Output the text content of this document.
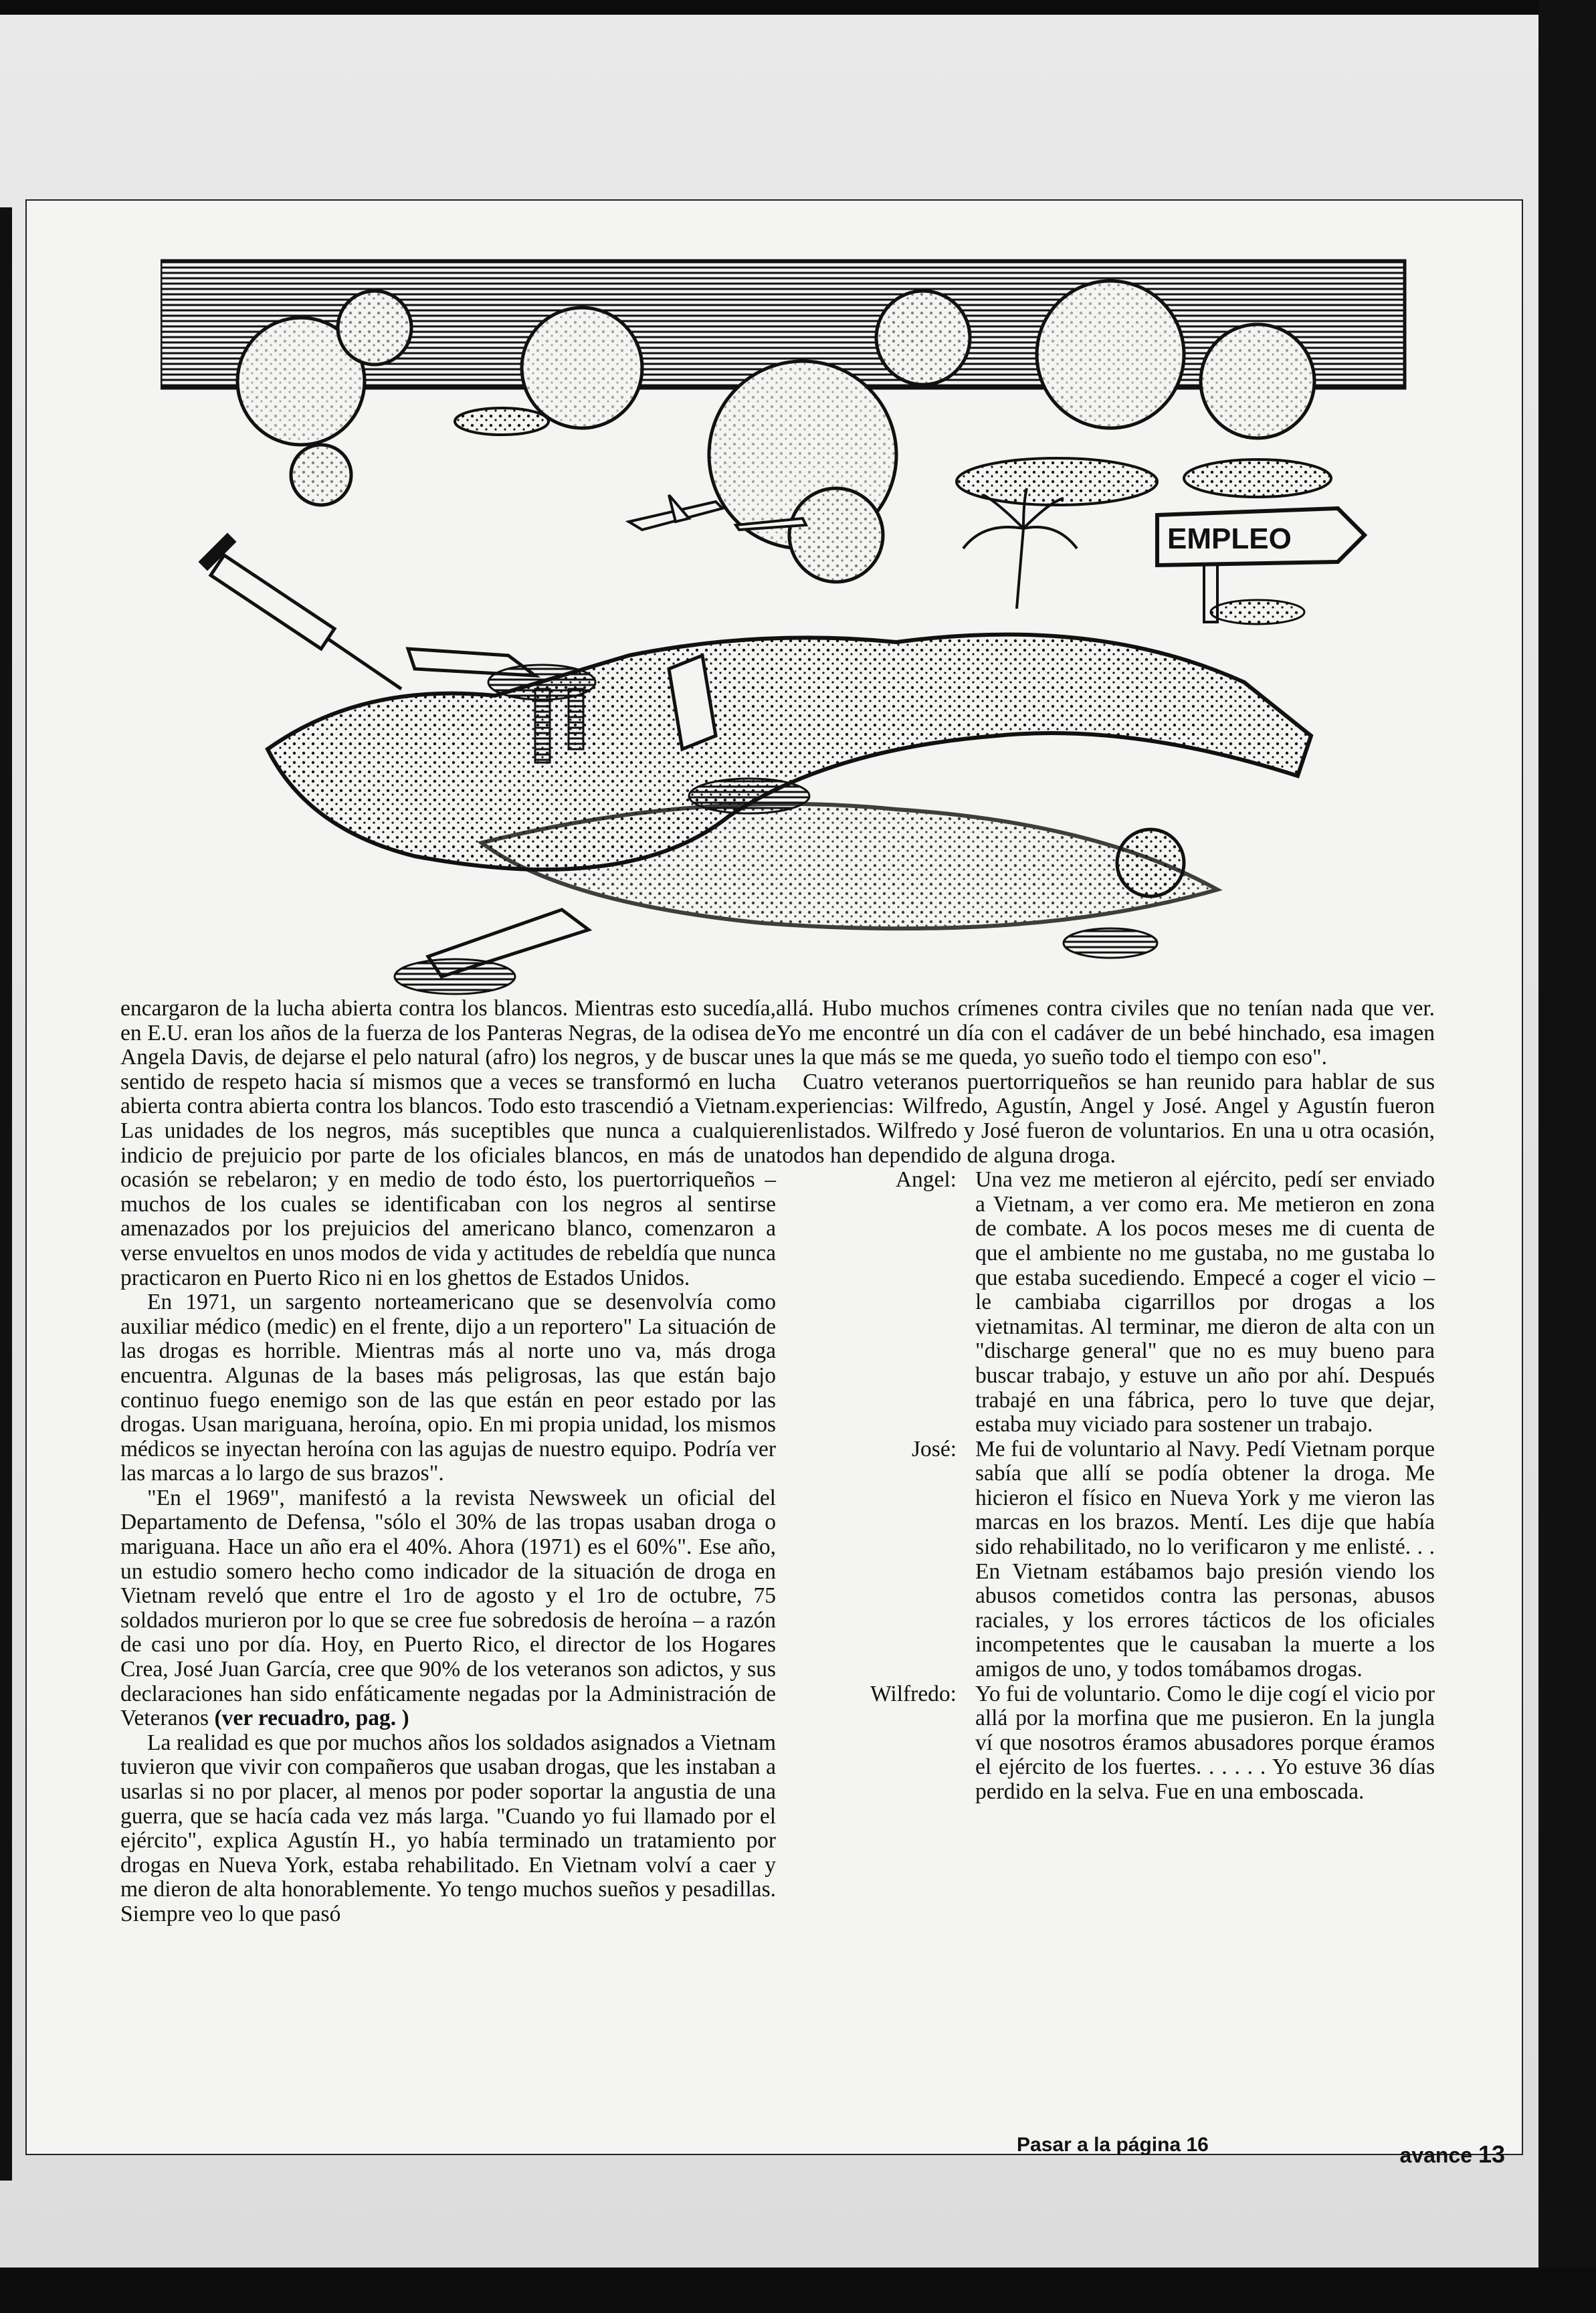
EMPLEO

encargaron de la lucha abierta contra los blancos. Mientras esto sucedía, en E.U. eran los años de la fuerza de los Panteras Negras, de la odisea de Angela Davis, de dejarse el pelo natural (afro) los negros, y de buscar un sentido de respeto hacia sí mismos que a veces se transformó en lucha abierta contra abierta contra los blancos. Todo esto trascendió a Vietnam. Las unidades de los negros, más suceptibles que nunca a cualquier indicio de prejuicio por parte de los oficiales blancos, en más de una ocasión se rebelaron; y en medio de todo ésto, los puertorriqueños – muchos de los cuales se identificaban con los negros al sentirse amenazados por los prejuicios del americano blanco, comenzaron a verse envueltos en unos modos de vida y actitudes de rebeldía que nunca practicaron en Puerto Rico ni en los ghettos de Estados Unidos.

En 1971, un sargento norteamericano que se desenvolvía como auxiliar médico (medic) en el frente, dijo a un reportero" La situación de las drogas es horrible. Mientras más al norte uno va, más droga encuentra. Algunas de la bases más peligrosas, las que están bajo continuo fuego enemigo son de las que están en peor estado por las drogas. Usan mariguana, heroína, opio. En mi propia unidad, los mismos médicos se inyectan heroína con las agujas de nuestro equipo. Podría ver las marcas a lo largo de sus brazos".

"En el 1969", manifestó a la revista Newsweek un oficial del Departamento de Defensa, "sólo el 30% de las tropas usaban droga o mariguana. Hace un año era el 40%. Ahora (1971) es el 60%". Ese año, un estudio somero hecho como indicador de la situación de droga en Vietnam reveló que entre el 1ro de agosto y el 1ro de octubre, 75 soldados murieron por lo que se cree fue sobredosis de heroína – a razón de casi uno por día. Hoy, en Puerto Rico, el director de los Hogares Crea, José Juan García, cree que 90% de los veteranos son adictos, y sus declaraciones han sido enfáticamente negadas por la Administración de Veteranos (ver recuadro, pag. )

La realidad es que por muchos años los soldados asignados a Vietnam tuvieron que vivir con compañeros que usaban drogas, que les instaban a usarlas si no por placer, al menos por poder soportar la angustia de una guerra, que se hacía cada vez más larga. "Cuando yo fui llamado por el ejército", explica Agustín H., yo había terminado un tratamiento por drogas en Nueva York, estaba rehabilitado. En Vietnam volví a caer y me dieron de alta honorablemente. Yo tengo muchos sueños y pesadillas. Siempre veo lo que pasó

allá. Hubo muchos crímenes contra civiles que no tenían nada que ver. Yo me encontré un día con el cadáver de un bebé hinchado, esa imagen es la que más se me queda, yo sueño todo el tiempo con eso".

Cuatro veteranos puertorriqueños se han reunido para hablar de sus experiencias: Wilfredo, Agustín, Angel y José. Angel y Agustín fueron enlistados. Wilfredo y José fueron de voluntarios. En una u otra ocasión, todos han dependido de alguna droga.

Angel: Una vez me metieron al ejército, pedí ser enviado a Vietnam, a ver como era. Me metieron en zona de combate. A los pocos meses me di cuenta de que el ambiente no me gustaba, no me gustaba lo que estaba sucediendo. Empecé a coger el vicio – le cambiaba cigarrillos por drogas a los vietnamitas. Al terminar, me dieron de alta con un "discharge general" que no es muy bueno para buscar trabajo, y estuve un año por ahí. Después trabajé en una fábrica, pero lo tuve que dejar, estaba muy viciado para sostener un trabajo.
José: Me fui de voluntario al Navy. Pedí Vietnam porque sabía que allí se podía obtener la droga. Me hicieron el físico en Nueva York y me vieron las marcas en los brazos. Mentí. Les dije que había sido rehabilitado, no lo verificaron y me enlisté. . . En Vietnam estábamos bajo presión viendo los abusos cometidos contra las personas, abusos raciales, y los errores tácticos de los oficiales incompetentes que le causaban la muerte a los amigos de uno, y todos tomábamos drogas.
Wilfredo: Yo fui de voluntario. Como le dije cogí el vicio por allá por la morfina que me pusieron. En la jungla ví que nosotros éramos abusadores porque éramos el ejército de los fuertes. . . . . . Yo estuve 36 días perdido en la selva. Fue en una emboscada.
Pasar a la página 16	avance 13
